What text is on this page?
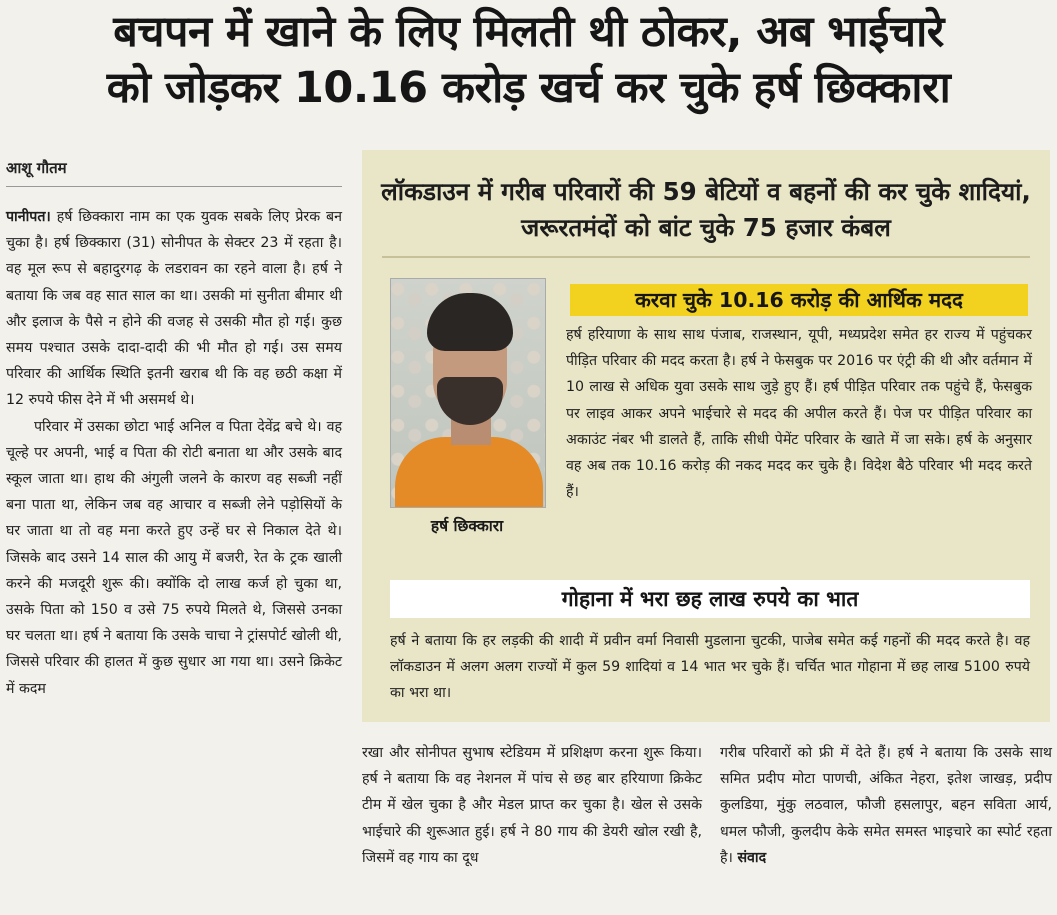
बचपन में खाने के लिए मिलती थी ठोकर, अब भाईचारे
को जोड़कर 10.16 करोड़ खर्च कर चुके हर्ष छिक्कारा
आशू गौतम

पानीपत। हर्ष छिक्कारा नाम का एक युवक सबके लिए प्रेरक बन चुका है। हर्ष छिक्कारा (31) सोनीपत के सेक्टर 23 में रहता है। वह मूल रूप से बहादुरगढ़ के लडरावन का रहने वाला है। हर्ष ने बताया कि जब वह सात साल का था। उसकी मां सुनीता बीमार थी और इलाज के पैसे न होने की वजह से उसकी मौत हो गई। कुछ समय पश्चात उसके दादा-दादी की भी मौत हो गई। उस समय परिवार की आर्थिक स्थिति इतनी खराब थी कि वह छठी कक्षा में 12 रुपये फीस देने में भी असमर्थ थे।

परिवार में उसका छोटा भाई अनिल व पिता देवेंद्र बचे थे। वह चूल्हे पर अपनी, भाई व पिता की रोटी बनाता था और उसके बाद स्कूल जाता था। हाथ की अंगुली जलने के कारण वह सब्जी नहीं बना पाता था, लेकिन जब वह आचार व सब्जी लेने पड़ोसियों के घर जाता था तो वह मना करते हुए उन्हें घर से निकाल देते थे। जिसके बाद उसने 14 साल की आयु में बजरी, रेत के ट्रक खाली करने की मजदूरी शुरू की। क्योंकि दो लाख कर्ज हो चुका था, उसके पिता को 150 व उसे 75 रुपये मिलते थे, जिससे उनका घर चलता था। हर्ष ने बताया कि उसके चाचा ने ट्रांसपोर्ट खोली थी, जिससे परिवार की हालत में कुछ सुधार आ गया था। उसने क्रिकेट में कदम

लॉकडाउन में गरीब परिवारों की 59 बेटियों व बहनों की कर चुके शादियां, जरूरतमंदों को बांट चुके 75 हजार कंबल
हर्ष छिक्कारा
करवा चुके 10.16 करोड़ की आर्थिक मदद
हर्ष हरियाणा के साथ साथ पंजाब, राजस्थान, यूपी, मध्यप्रदेश समेत हर राज्य में पहुंचकर पीड़ित परिवार की मदद करता है। हर्ष ने फेसबुक पर 2016 पर एंट्री की थी और वर्तमान में 10 लाख से अधिक युवा उसके साथ जुड़े हुए हैं। हर्ष पीड़ित परिवार तक पहुंचे हैं, फेसबुक पर लाइव आकर अपने भाईचारे से मदद की अपील करते हैं। पेज पर पीड़ित परिवार का अकाउंट नंबर भी डालते हैं, ताकि सीधी पेमेंट परिवार के खाते में जा सके। हर्ष के अनुसार वह अब तक 10.16 करोड़ की नकद मदद कर चुके है। विदेश बैठे परिवार भी मदद करते हैं।
गोहाना में भरा छह लाख रुपये का भात
हर्ष ने बताया कि हर लड़की की शादी में प्रवीन वर्मा निवासी मुडलाना चुटकी, पाजेब समेत कई गहनों की मदद करते है। वह लॉकडाउन में अलग अलग राज्यों में कुल 59 शादियां व 14 भात भर चुके हैं। चर्चित भात गोहाना में छह लाख 5100 रुपये का भरा था।

रखा और सोनीपत सुभाष स्टेडियम में प्रशिक्षण करना शुरू किया। हर्ष ने बताया कि वह नेशनल में पांच से छह बार हरियाणा क्रिकेट टीम में खेल चुका है और मेडल प्राप्त कर चुका है। खेल से उसके भाईचारे की शुरूआत हुई। हर्ष ने 80 गाय की डेयरी खोल रखी है, जिसमें वह गाय का दूध

गरीब परिवारों को फ्री में देते हैं। हर्ष ने बताया कि उसके साथ समित प्रदीप मोटा पाणची, अंकित नेहरा, इतेश जाखड़, प्रदीप कुलडिया, मुंकु लठवाल, फौजी हसलापुर, बहन सविता आर्य, धमल फौजी, कुलदीप केके समेत समस्त भाइचारे का स्पोर्ट रहता है। संवाद
